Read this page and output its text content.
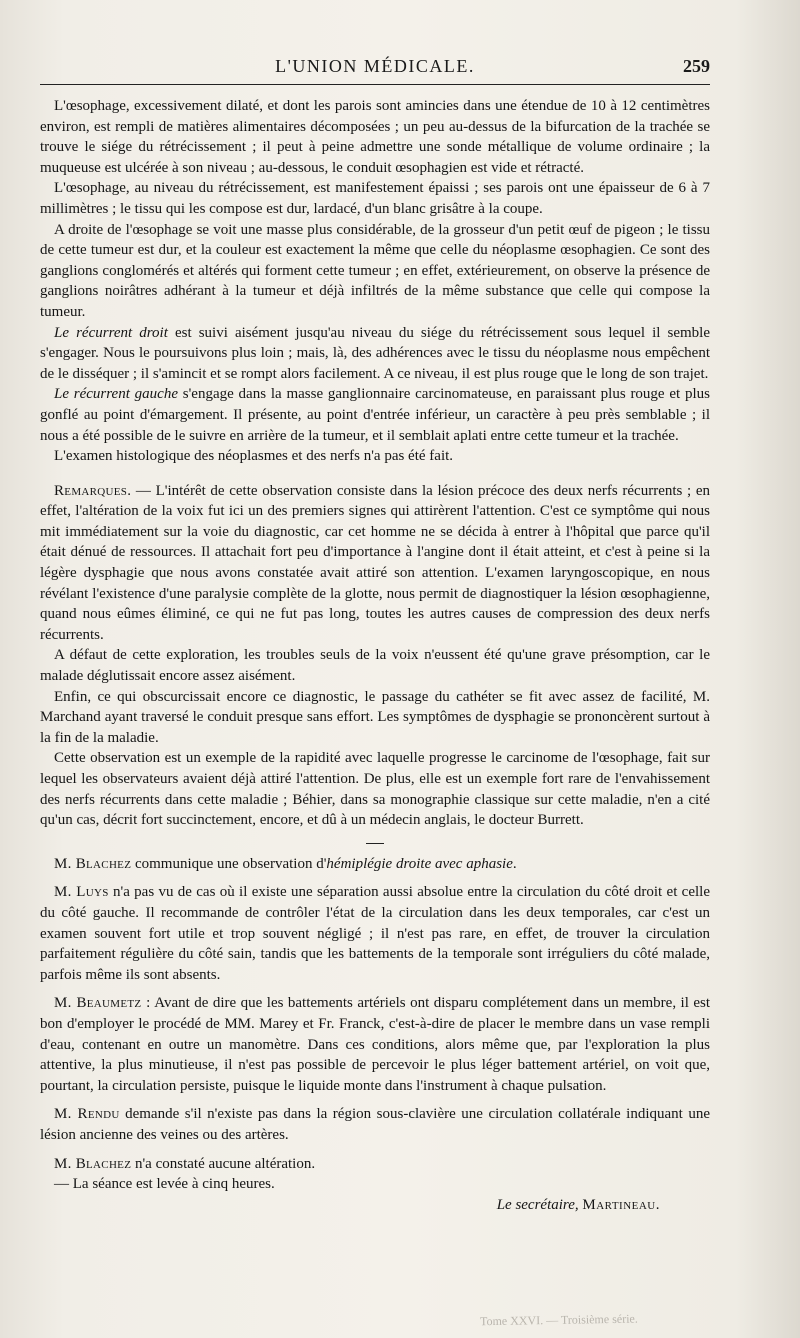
L'UNION MÉDICALE.	259

L'œsophage, excessivement dilaté, et dont les parois sont amincies dans une étendue de 10 à 12 centimètres environ, est rempli de matières alimentaires décomposées ; un peu au-dessus de la bifurcation de la trachée se trouve le siége du rétrécissement ; il peut à peine admettre une sonde métallique de volume ordinaire ; la muqueuse est ulcérée à son niveau ; au-dessous, le conduit œsophagien est vide et rétracté.

L'œsophage, au niveau du rétrécissement, est manifestement épaissi ; ses parois ont une épaisseur de 6 à 7 millimètres ; le tissu qui les compose est dur, lardacé, d'un blanc grisâtre à la coupe.

A droite de l'œsophage se voit une masse plus considérable, de la grosseur d'un petit œuf de pigeon ; le tissu de cette tumeur est dur, et la couleur est exactement la même que celle du néoplasme œsophagien. Ce sont des ganglions conglomérés et altérés qui forment cette tumeur ; en effet, extérieurement, on observe la présence de ganglions noirâtres adhérant à la tumeur et déjà infiltrés de la même substance que celle qui compose la tumeur.

Le récurrent droit est suivi aisément jusqu'au niveau du siége du rétrécissement sous lequel il semble s'engager. Nous le poursuivons plus loin ; mais, là, des adhérences avec le tissu du néoplasme nous empêchent de le disséquer ; il s'amincit et se rompt alors facilement. A ce niveau, il est plus rouge que le long de son trajet.

Le récurrent gauche s'engage dans la masse ganglionnaire carcinomateuse, en paraissant plus rouge et plus gonflé au point d'émargement. Il présente, au point d'entrée inférieur, un caractère à peu près semblable ; il nous a été possible de le suivre en arrière de la tumeur, et il semblait aplati entre cette tumeur et la trachée.

L'examen histologique des néoplasmes et des nerfs n'a pas été fait.

Remarques. — L'intérêt de cette observation consiste dans la lésion précoce des deux nerfs récurrents ; en effet, l'altération de la voix fut ici un des premiers signes qui attirèrent l'attention. C'est ce symptôme qui nous mit immédiatement sur la voie du diagnostic, car cet homme ne se décida à entrer à l'hôpital que parce qu'il était dénué de ressources. Il attachait fort peu d'importance à l'angine dont il était atteint, et c'est à peine si la légère dysphagie que nous avons constatée avait attiré son attention. L'examen laryngoscopique, en nous révélant l'existence d'une paralysie complète de la glotte, nous permit de diagnostiquer la lésion œsophagienne, quand nous eûmes éliminé, ce qui ne fut pas long, toutes les autres causes de compression des deux nerfs récurrents.

A défaut de cette exploration, les troubles seuls de la voix n'eussent été qu'une grave présomption, car le malade déglutissait encore assez aisément.

Enfin, ce qui obscurcissait encore ce diagnostic, le passage du cathéter se fit avec assez de facilité, M. Marchand ayant traversé le conduit presque sans effort. Les symptômes de dysphagie se prononcèrent surtout à la fin de la maladie.

Cette observation est un exemple de la rapidité avec laquelle progresse le carcinome de l'œsophage, fait sur lequel les observateurs avaient déjà attiré l'attention. De plus, elle est un exemple fort rare de l'envahissement des nerfs récurrents dans cette maladie ; Béhier, dans sa monographie classique sur cette maladie, n'en a cité qu'un cas, décrit fort succinctement, encore, et dû à un médecin anglais, le docteur Burrett.

M. Blachez communique une observation d'hémiplégie droite avec aphasie.

M. Luys n'a pas vu de cas où il existe une séparation aussi absolue entre la circulation du côté droit et celle du côté gauche. Il recommande de contrôler l'état de la circulation dans les deux temporales, car c'est un examen souvent fort utile et trop souvent négligé ; il n'est pas rare, en effet, de trouver la circulation parfaitement régulière du côté sain, tandis que les battements de la temporale sont irréguliers du côté malade, parfois même ils sont absents.

M. Beaumetz : Avant de dire que les battements artériels ont disparu complétement dans un membre, il est bon d'employer le procédé de MM. Marey et Fr. Franck, c'est-à-dire de placer le membre dans un vase rempli d'eau, contenant en outre un manomètre. Dans ces conditions, alors même que, par l'exploration la plus attentive, la plus minutieuse, il n'est pas possible de percevoir le plus léger battement artériel, on voit que, pourtant, la circulation persiste, puisque le liquide monte dans l'instrument à chaque pulsation.

M. Rendu demande s'il n'existe pas dans la région sous-clavière une circulation collatérale indiquant une lésion ancienne des veines ou des artères.

M. Blachez n'a constaté aucune altération.

— La séance est levée à cinq heures.

Le secrétaire, Martineau.

Tome XXVI. — Troisième série.
